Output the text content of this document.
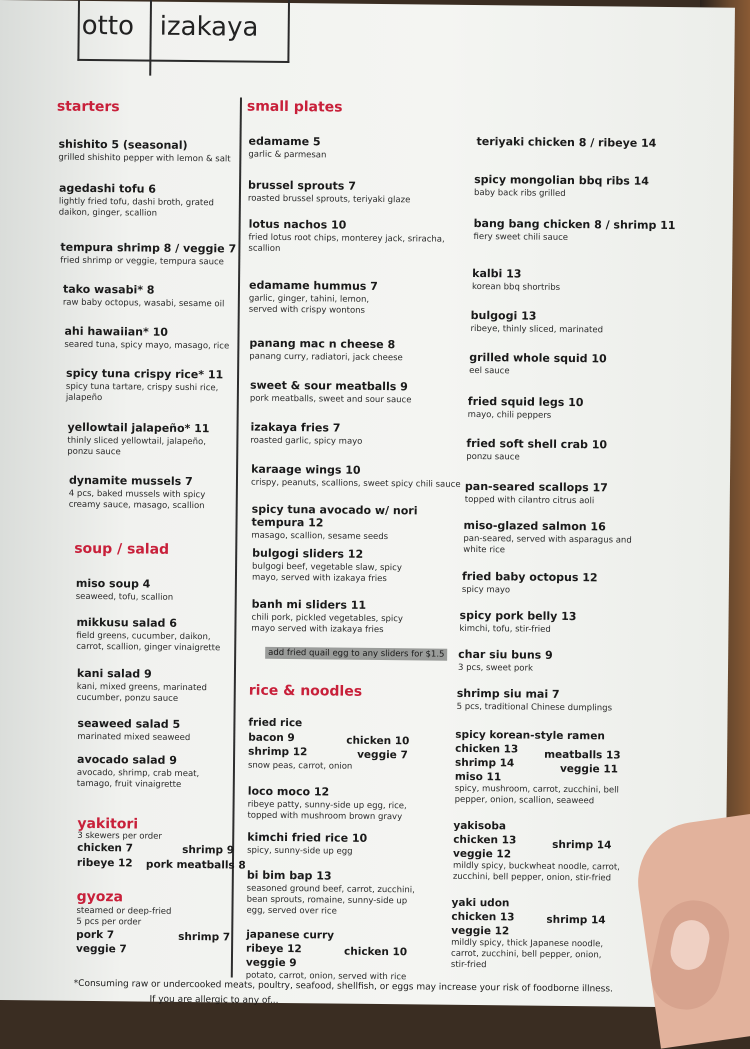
otto izakaya
starters
shishito 5 (seasonal)
grilled shishito pepper with lemon & salt
agedashi tofu 6
lightly fried tofu, dashi broth, grated daikon, ginger, scallion
tempura shrimp 8 / veggie 7
fried shrimp or veggie, tempura sauce
tako wasabi* 8
raw baby octopus, wasabi, sesame oil
ahi hawaiian* 10
seared tuna, spicy mayo, masago, rice
spicy tuna crispy rice* 11
spicy tuna tartare, crispy sushi rice, jalapeño
yellowtail jalapeño* 11
thinly sliced yellowtail, jalapeño, ponzu sauce
dynamite mussels 7
4 pcs, baked mussels with spicy creamy sauce, masago, scallion
soup / salad
miso soup 4
seaweed, tofu, scallion
mikkusu salad 6
field greens, cucumber, daikon, carrot, scallion, ginger vinaigrette
kani salad 9
kani, mixed greens, marinated cucumber, ponzu sauce
seaweed salad 5
marinated mixed seaweed
avocado salad 9
avocado, shrimp, crab meat, tamago, fruit vinaigrette
yakitori
3 skewers per order
chicken 7	shrimp 9
ribeye 12 pork meatballs 8
gyoza
steamed or deep-fried
5 pcs per order
pork 7	shrimp 7
veggie 7
small plates
edamame 5
garlic & parmesan
brussel sprouts 7
roasted brussel sprouts, teriyaki glaze
lotus nachos 10
fried lotus root chips, monterey jack, sriracha, scallion
edamame hummus 7
garlic, ginger, tahini, lemon, served with crispy wontons
panang mac n cheese 8
panang curry, radiatori, jack cheese
sweet & sour meatballs 9
pork meatballs, sweet and sour sauce
izakaya fries 7
roasted garlic, spicy mayo
karaage wings 10
crispy, peanuts, scallions, sweet spicy chili sauce
spicy tuna avocado w/ nori tempura 12
masago, scallion, sesame seeds
bulgogi sliders 12
bulgogi beef, vegetable slaw, spicy mayo, served with izakaya fries
banh mi sliders 11
chili pork, pickled vegetables, spicy mayo served with izakaya fries
add fried quail egg to any sliders for $1.5
rice & noodles
fried rice
bacon 9	chicken 10
shrimp 12	veggie 7
snow peas, carrot, onion
loco moco 12
ribeye patty, sunny-side up egg, rice, topped with mushroom brown gravy
kimchi fried rice 10
spicy, sunny-side up egg
bi bim bap 13
seasoned ground beef, carrot, zucchini, bean sprouts, romaine, sunny-side up egg, served over rice
japanese curry
ribeye 12	chicken 10
veggie 9
potato, carrot, onion, served with rice
teriyaki chicken 8 / ribeye 14
spicy mongolian bbq ribs 14
baby back ribs grilled
bang bang chicken 8 / shrimp 11
fiery sweet chili sauce
kalbi 13
korean bbq shortribs
bulgogi 13
ribeye, thinly sliced, marinated
grilled whole squid 10
eel sauce
fried squid legs 10
mayo, chili peppers
fried soft shell crab 10
ponzu sauce
pan-seared scallops 17
topped with cilantro citrus aoli
miso-glazed salmon 16
pan-seared, served with asparagus and white rice
fried baby octopus 12
spicy mayo
spicy pork belly 13
kimchi, tofu, stir-fried
char siu buns 9
3 pcs, sweet pork
shrimp siu mai 7
5 pcs, traditional Chinese dumplings
spicy korean-style ramen
chicken 13 meatballs 13
shrimp 14	veggie 11
miso 11
spicy, mushroom, carrot, zucchini, bell pepper, onion, scallion, seaweed
yakisoba
chicken 13	shrimp 14
veggie 12
mildly spicy, buckwheat noodle, carrot, zucchini, bell pepper, onion, stir-fried
yaki udon
chicken 13	shrimp 14
veggie 12
mildly spicy, thick Japanese noodle, carrot, zucchini, bell pepper, onion, stir-fried
*Consuming raw or undercooked meats, poultry, seafood, shellfish, or eggs may increase your risk of foodborne illness.
If you are allergic to any of...
